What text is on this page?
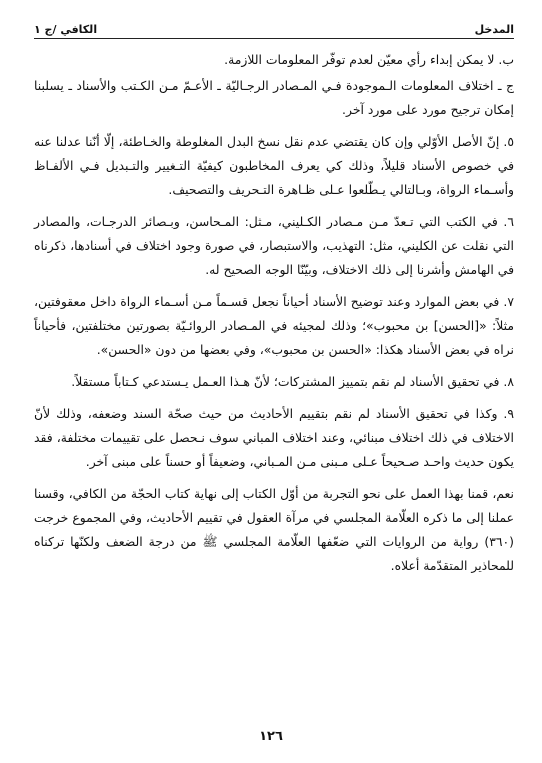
المدخل
الكافي /ج ١

ب. لا يمكن إبداء رأي معيّن لعدم توفّر المعلومات اللازمة.

ج ـ اختلاف المعلومات الـموجودة فـي المـصادر الرجـاليّة ـ الأعـمّ مـن الكـتب والأسناد ـ يسلبنا إمكان ترجيح مورد على مورد آخر.

٥. إنّ الأصل الأوّلي وإن كان يقتضي عدم نقل نسخ البدل المغلوطة والخـاطئة، إلّا أنّنا عدلنا عنه في خصوص الأسناد قليلاً، وذلك كي يعرف المخاطبون كيفيّة التـغيير والتـبديل فـي الألفـاظ وأسـماء الرواة، وبـالتالي يـطّلعوا عـلى ظـاهرة التـحريف والتصحيف.

٦. في الكتب التي تـعدّ مـن مـصادر الكـليني، مـثل: المـحاسن، وبـصائر الدرجـات، والمصادر التي نقلت عن الكليني، مثل: التهذيب، والاستبصار، في صورة وجود اختلاف في أسنادها، ذكرناه في الهامش وأشرنا إلى ذلك الاختلاف، وبيّنّا الوجه الصحيح له.

٧. في بعض الموارد وعند توضيح الأسناد أحياناً نجعل قسـماً مـن أسـماء الرواة داخل معقوفتين، مثلاً: «[الحسن] بن محبوب»؛ وذلك لمجيئه في المـصادر الروائـيّة بصورتين مختلفتين، فأحياناً نراه في بعض الأسناد هكذا: «الحسن بن محبوب»، وفي بعضها من دون «الحسن».

٨. في تحقيق الأسناد لم نقم بتمييز المشتركات؛ لأنّ هـذا العـمل يـستدعي كـتاباً مستقلاً.

٩. وكذا في تحقيق الأسناد لم نقم بتقييم الأحاديث من حيث صحّة السند وضعفه، وذلك لأنّ الاختلاف في ذلك اختلاف مبنائي، وعند اختلاف المباني سوف نـحصل على تقييمات مختلفة، فقد يكون حديث واحـد صـحيحاً عـلى مـبنى مـن المـباني، وضعيفاً أو حسناً على مبنى آخر.

نعم، قمنا بهذا العمل على نحو التجربة من أوّل الكتاب إلى نهاية كتاب الحجّة من الكافي، وقسنا عملنا إلى ما ذكره العلّامة المجلسي في مرآة العقول في تقييم الأحاديث، وفي المجموع خرجت (٣٦٠) رواية من الروايات التي ضعّفها العلّامة المجلسي ﷺ من درجة الضعف ولكنّها تركناه للمحاذير المتقدّمة أعلاه.

١٢٦
